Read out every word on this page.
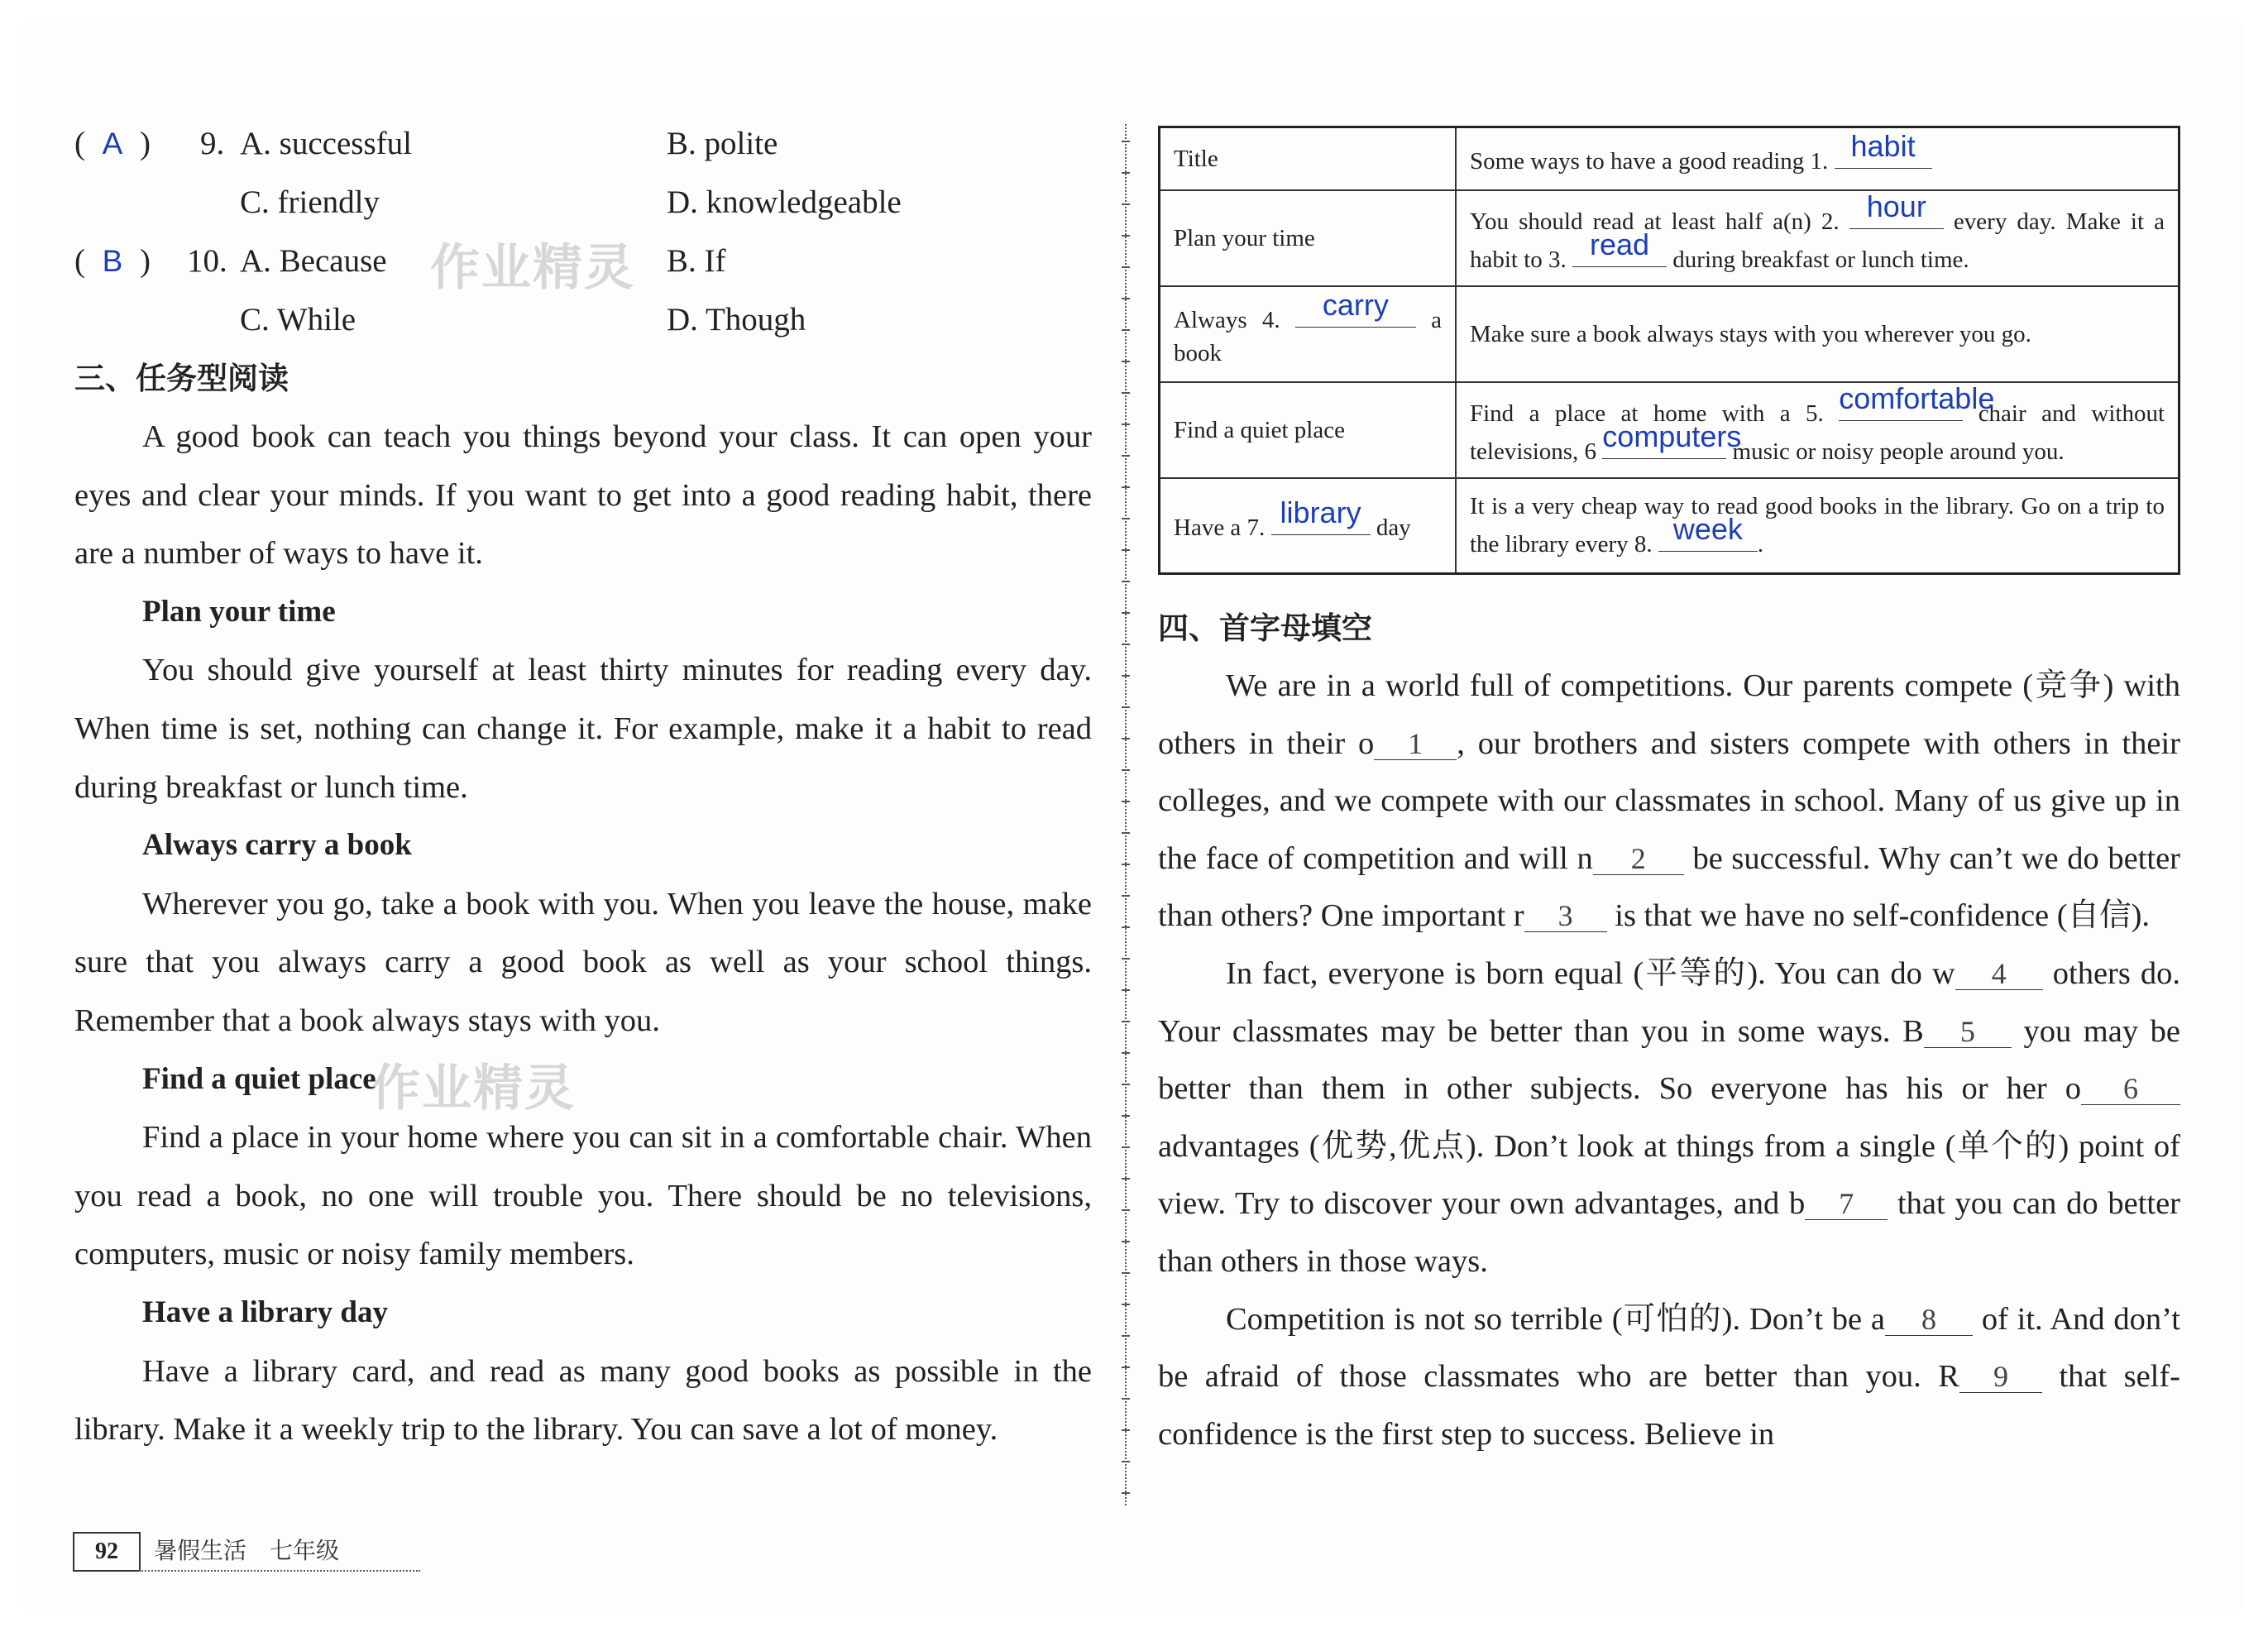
( A ) 9. A. successful	B. polite
C. friendly	D. knowledgeable
( B ) 10. A. Because	B. If
C. While	D. Though
三、任务型阅读

A good book can teach you things beyond your class. It can open your eyes and clear your minds. If you want to get into a good reading habit, there are a number of ways to have it.

Plan your time

You should give yourself at least thirty minutes for reading every day. When time is set, nothing can change it. For example, make it a habit to read during breakfast or lunch time.

Always carry a book

Wherever you go, take a book with you. When you leave the house, make sure that you always carry a good book as well as your school things. Remember that a book always stays with you.

Find a quiet place

Find a place in your home where you can sit in a comfortable chair. When you read a book, no one will trouble you. There should be no televisions, computers, music or noisy family members.

Have a library day

Have a library card, and read as many good books as possible in the library. Make it a weekly trip to the library. You can save a lot of money.

Title	Some ways to have a good reading 1. habit

Plan your time	You should read at least half a(n) 2. hour every day. Make it a habit to 3. read during breakfast or lunch time.
Always 4. carry a book	Make sure a book always stays with you wherever you go.
Find a quiet place	Find a place at home with a 5. comfortable
chair and without televisions, 6 computers
music or noisy people around you.
Have a 7. library day	It is a very cheap way to read good books in the library. Go on a trip to the library every 8. week .
四、首字母填空

We are in a world full of competitions. Our parents compete (竞争) with others in their o 1 , our brothers and sisters compete with others in their colleges, and we compete with our classmates in school. Many of us give up in the face of competition and will n 2 be successful. Why can’t we do better than others? One important r 3 is that we have no self-confidence (自信).

In fact, everyone is born equal (平等的). You can do w 4 others do. Your classmates may be better than you in some ways. B 5 you may be better than them in other subjects. So everyone has his or her o 6 advantages (优势,优点). Don’t look at things from a single (单个的) point of view. Try to discover your own advantages, and b 7 that you can do better than others in those ways.

Competition is not so terrible (可怕的). Don’t be a 8 of it. And don’t be afraid of those classmates who are better than you. R 9 that self-confidence is the first step to success. Believe in

92	暑假生活　七年级
作业精灵
作业精灵
